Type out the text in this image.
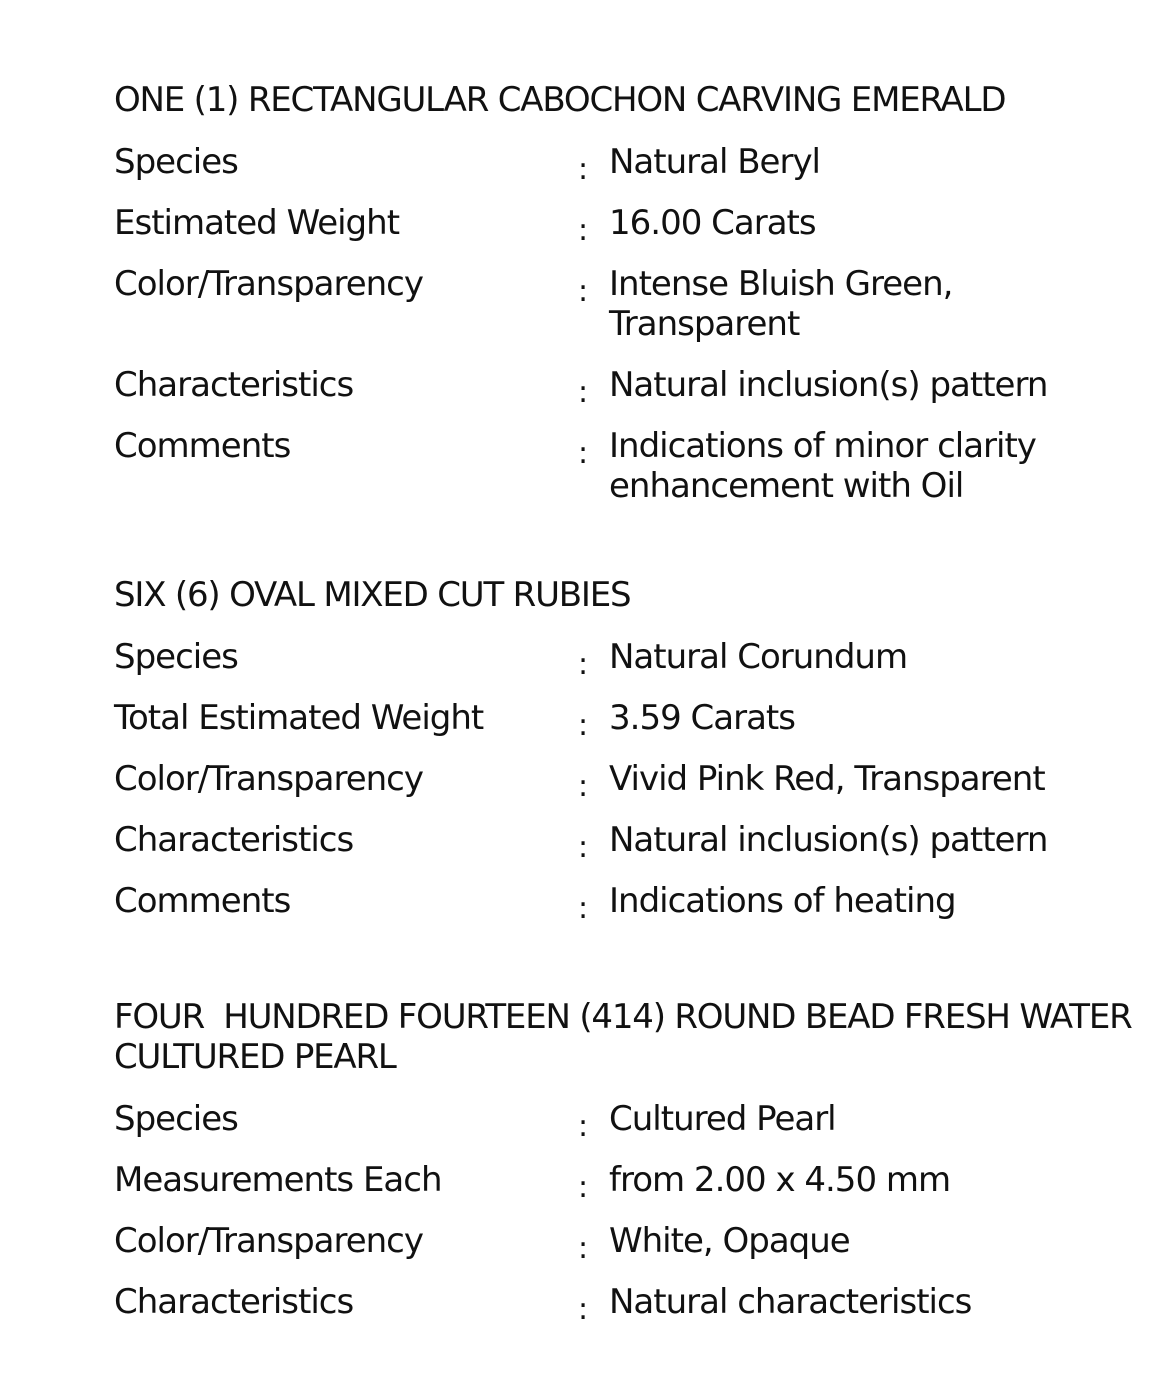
ONE (1) RECTANGULAR CABOCHON CARVING EMERALD
Species	: Natural Beryl
Estimated Weight	: 16.00 Carats
Color/Transparency	: Intense Bluish Green,
Transparent
Characteristics	: Natural inclusion(s) pattern
Comments	: Indications of minor clarity
enhancement with Oil
SIX (6) OVAL MIXED CUT RUBIES
Species	: Natural Corundum
Total Estimated Weight	: 3.59 Carats
Color/Transparency	: Vivid Pink Red, Transparent
Characteristics	: Natural inclusion(s) pattern
Comments	: Indications of heating
FOUR  HUNDRED FOURTEEN (414) ROUND BEAD FRESH WATER CULTURED PEARL
Species	: Cultured Pearl
Measurements Each	: from 2.00 x 4.50 mm
Color/Transparency	: White, Opaque
Characteristics	: Natural characteristics
